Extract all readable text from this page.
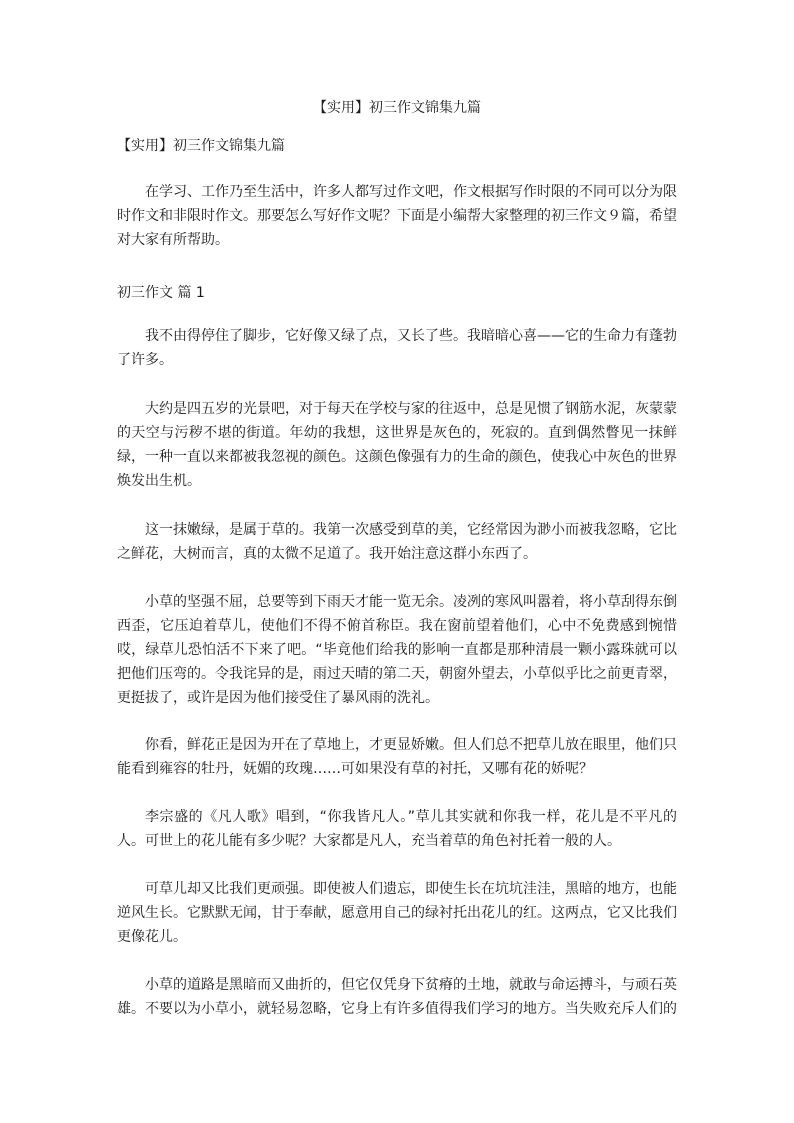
【实用】初三作文锦集九篇

【实用】初三作文锦集九篇

在学习、工作乃至生活中，许多人都写过作文吧，作文根据写作时限的不同可以分为限时作文和非限时作文。那要怎么写好作文呢？下面是小编帮大家整理的初三作文９篇，希望对大家有所帮助。

初三作文 篇 1

我不由得停住了脚步，它好像又绿了点，又长了些。我暗暗心喜——它的生命力有蓬勃了许多。

大约是四五岁的光景吧，对于每天在学校与家的往返中，总是见惯了钢筋水泥，灰蒙蒙的天空与污秽不堪的街道。年幼的我想，这世界是灰色的，死寂的。直到偶然瞥见一抹鲜绿，一种一直以来都被我忽视的颜色。这颜色像强有力的生命的颜色，使我心中灰色的世界焕发出生机。

这一抹嫩绿，是属于草的。我第一次感受到草的美，它经常因为渺小而被我忽略，它比之鲜花，大树而言，真的太微不足道了。我开始注意这群小东西了。

小草的坚强不屈，总要等到下雨天才能一览无余。凌冽的寒风叫嚣着，将小草刮得东倒西歪，它压迫着草儿，使他们不得不俯首称臣。我在窗前望着他们，心中不免费感到惋惜哎，绿草儿恐怕活不下来了吧。“毕竟他们给我的影响一直都是那种清晨一颗小露珠就可以把他们压弯的。令我诧异的是，雨过天晴的第二天，朝窗外望去，小草似乎比之前更青翠，更挺拔了，或许是因为他们接受住了暴风雨的洗礼。

你看，鲜花正是因为开在了草地上，才更显娇嫩。但人们总不把草儿放在眼里，他们只能看到雍容的牡丹，妩媚的玫瑰……可如果没有草的衬托，又哪有花的娇呢？

李宗盛的《凡人歌》唱到，“你我皆凡人。”草儿其实就和你我一样，花儿是不平凡的人。可世上的花儿能有多少呢？大家都是凡人，充当着草的角色衬托着一般的人。

可草儿却又比我们更顽强。即使被人们遗忘，即使生长在坑坑洼洼，黑暗的地方，也能逆风生长。它默默无闻，甘于奉献，愿意用自己的绿衬托出花儿的红。这两点，它又比我们更像花儿。

小草的道路是黑暗而又曲折的，但它仅凭身下贫瘠的土地，就敢与命运搏斗，与顽石英雄。不要以为小草小，就轻易忽略，它身上有许多值得我们学习的地方。当失败充斥人们的
